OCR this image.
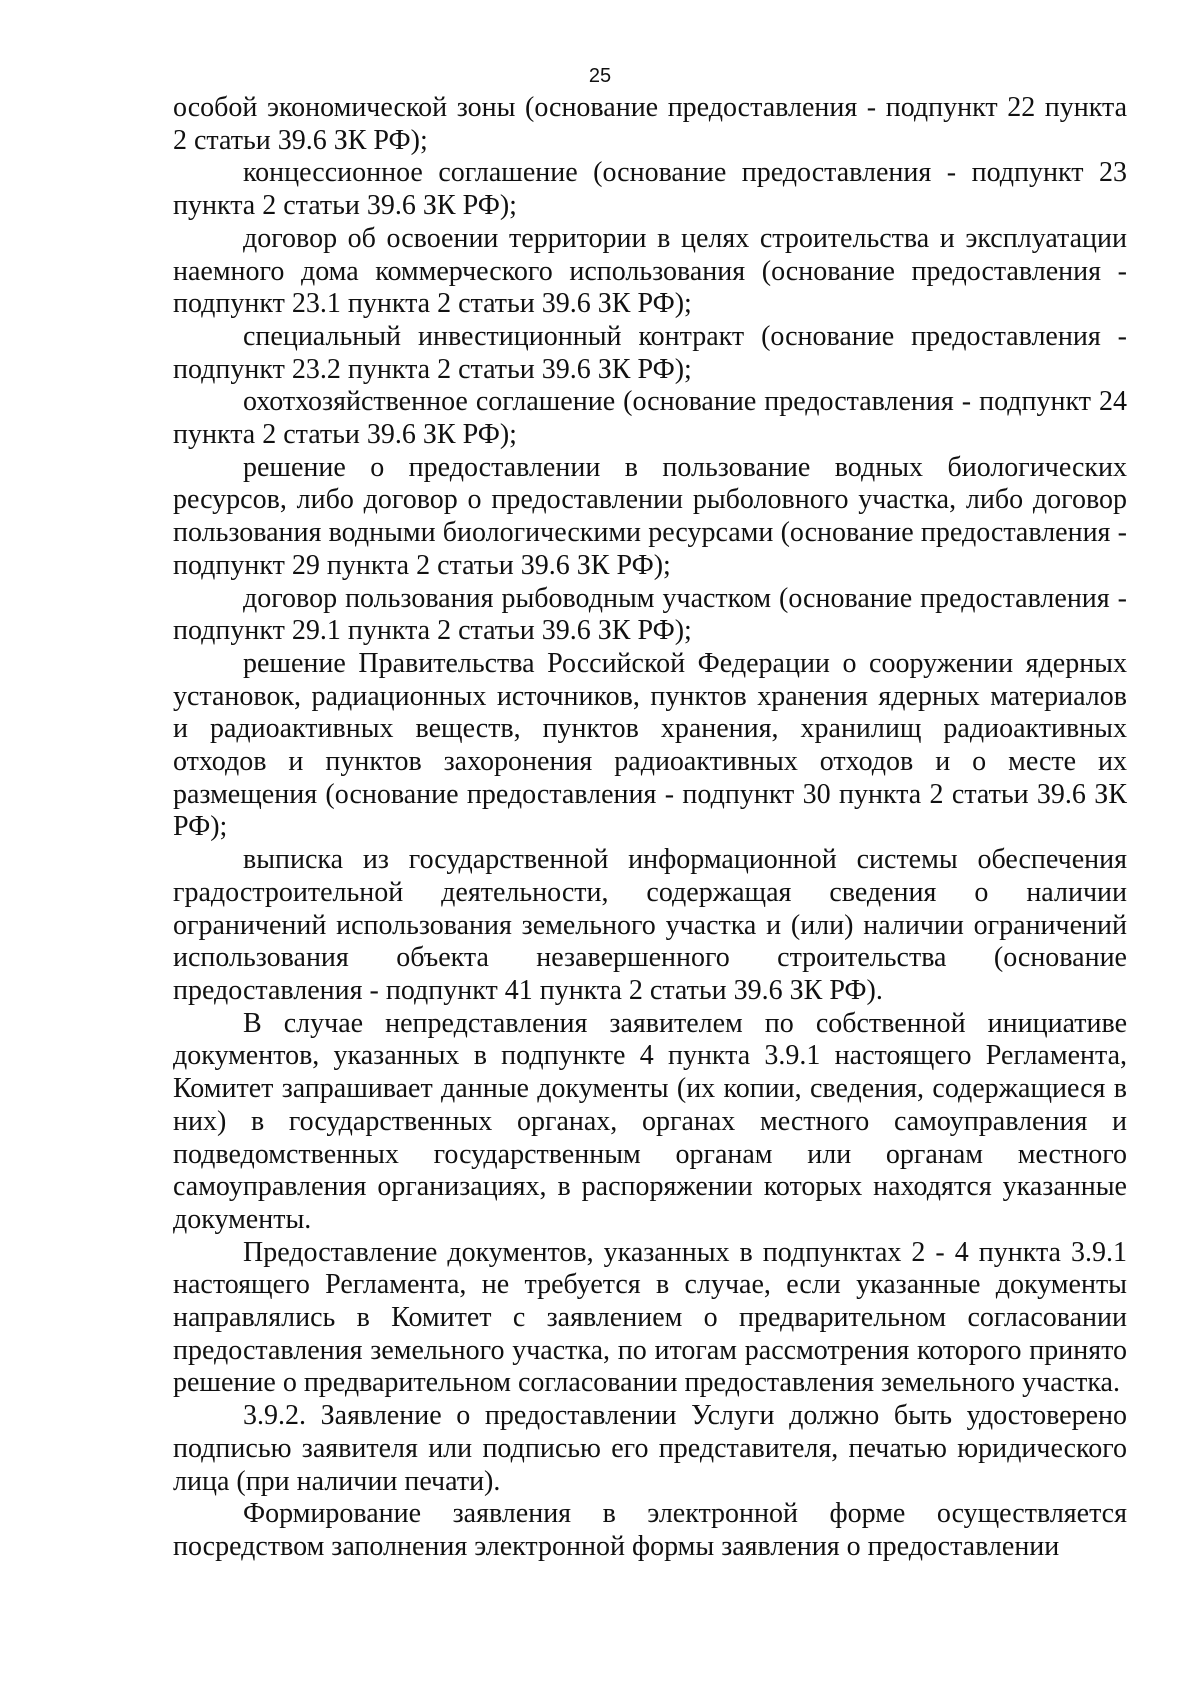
25

особой экономической зоны (основание предоставления - подпункт 22 пункта 2 статьи 39.6 ЗК РФ);

концессионное соглашение (основание предоставления - подпункт 23 пункта 2 статьи 39.6 ЗК РФ);

договор об освоении территории в целях строительства и эксплуатации наемного дома коммерческого использования (основание предоставления - подпункт 23.1 пункта 2 статьи 39.6 ЗК РФ);

специальный инвестиционный контракт (основание предоставления - подпункт 23.2 пункта 2 статьи 39.6 ЗК РФ);

охотхозяйственное соглашение (основание предоставления - подпункт 24 пункта 2 статьи 39.6 ЗК РФ);

решение о предоставлении в пользование водных биологических ресурсов, либо договор о предоставлении рыболовного участка, либо договор пользования водными биологическими ресурсами (основание предоставления - подпункт 29 пункта 2 статьи 39.6 ЗК РФ);

договор пользования рыбоводным участком (основание предоставления - подпункт 29.1 пункта 2 статьи 39.6 ЗК РФ);

решение Правительства Российской Федерации о сооружении ядерных установок, радиационных источников, пунктов хранения ядерных материалов и радиоактивных веществ, пунктов хранения, хранилищ радиоактивных отходов и пунктов захоронения радиоактивных отходов и о месте их размещения (основание предоставления - подпункт 30 пункта 2 статьи 39.6 ЗК РФ);

выписка из государственной информационной системы обеспечения градостроительной деятельности, содержащая сведения о наличии ограничений использования земельного участка и (или) наличии ограничений использования объекта незавершенного строительства (основание предоставления - подпункт 41 пункта 2 статьи 39.6 ЗК РФ).

В случае непредставления заявителем по собственной инициативе документов, указанных в подпункте 4 пункта 3.9.1 настоящего Регламента, Комитет запрашивает данные документы (их копии, сведения, содержащиеся в них) в государственных органах, органах местного самоуправления и подведомственных государственным органам или органам местного самоуправления организациях, в распоряжении которых находятся указанные документы.

Предоставление документов, указанных в подпунктах 2 - 4 пункта 3.9.1 настоящего Регламента, не требуется в случае, если указанные документы направлялись в Комитет с заявлением о предварительном согласовании предоставления земельного участка, по итогам рассмотрения которого принято решение о предварительном согласовании предоставления земельного участка.

3.9.2. Заявление о предоставлении Услуги должно быть удостоверено подписью заявителя или подписью его представителя, печатью юридического лица (при наличии печати).

Формирование заявления в электронной форме осуществляется посредством заполнения электронной формы заявления о предоставлении
